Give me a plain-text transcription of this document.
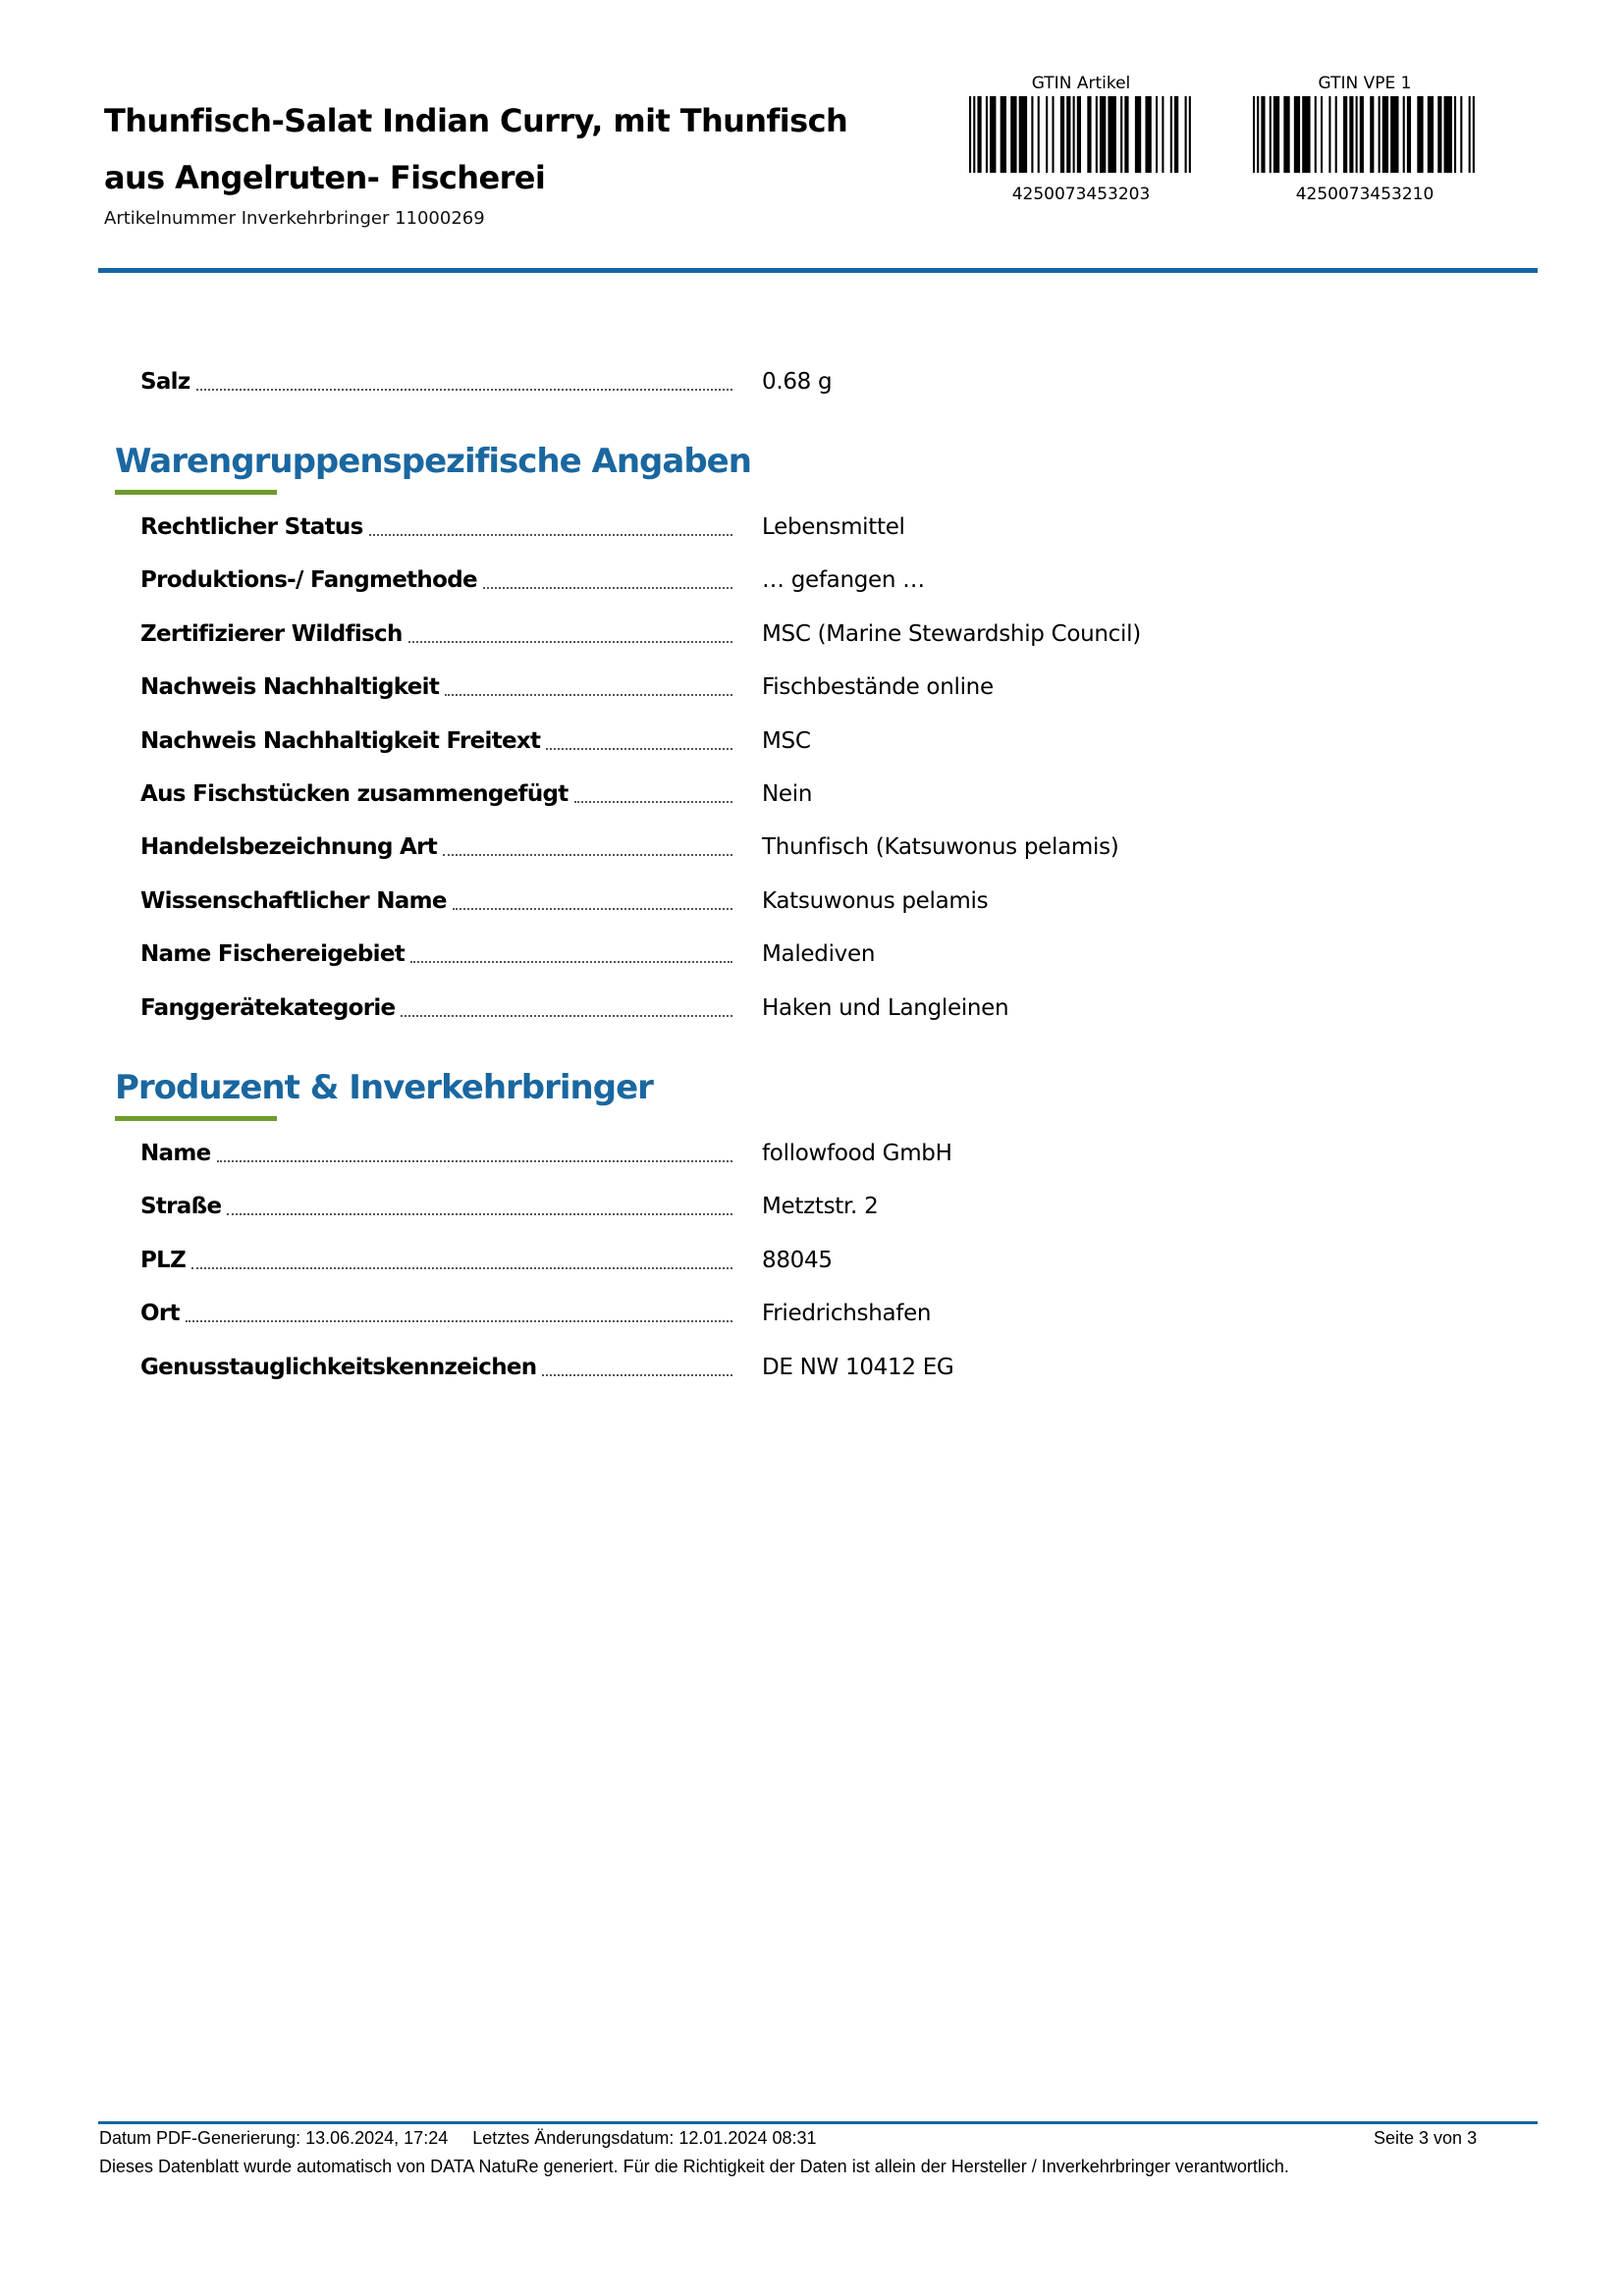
Thunfisch-Salat Indian Curry, mit Thunfisch aus Angelruten- Fischerei
Artikelnummer Inverkehrbringer 11000269
GTIN Artikel
4250073453203
GTIN VPE 1
4250073453210
Salz	0.68 g
Warengruppenspezifische Angaben
Rechtlicher Status	Lebensmittel
Produktions-/ Fangmethode	… gefangen …
Zertifizierer Wildfisch	MSC (Marine Stewardship Council)
Nachweis Nachhaltigkeit	Fischbestände online
Nachweis Nachhaltigkeit Freitext	MSC
Aus Fischstücken zusammengefügt	Nein
Handelsbezeichnung Art	Thunfisch (Katsuwonus pelamis)
Wissenschaftlicher Name	Katsuwonus pelamis
Name Fischereigebiet	Malediven
Fanggerätekategorie	Haken und Langleinen
Produzent & Inverkehrbringer
Name	followfood GmbH
Straße	Metztstr. 2
PLZ	88045
Ort	Friedrichshafen
Genusstauglichkeitskennzeichen	DE NW 10412 EG
Datum PDF-Generierung: 13.06.2024, 17:24 Letztes Änderungsdatum: 12.01.2024 08:31	Seite 3 von 3
Dieses Datenblatt wurde automatisch von DATA NatuRe generiert. Für die Richtigkeit der Daten ist allein der Hersteller / Inverkehrbringer verantwortlich.
